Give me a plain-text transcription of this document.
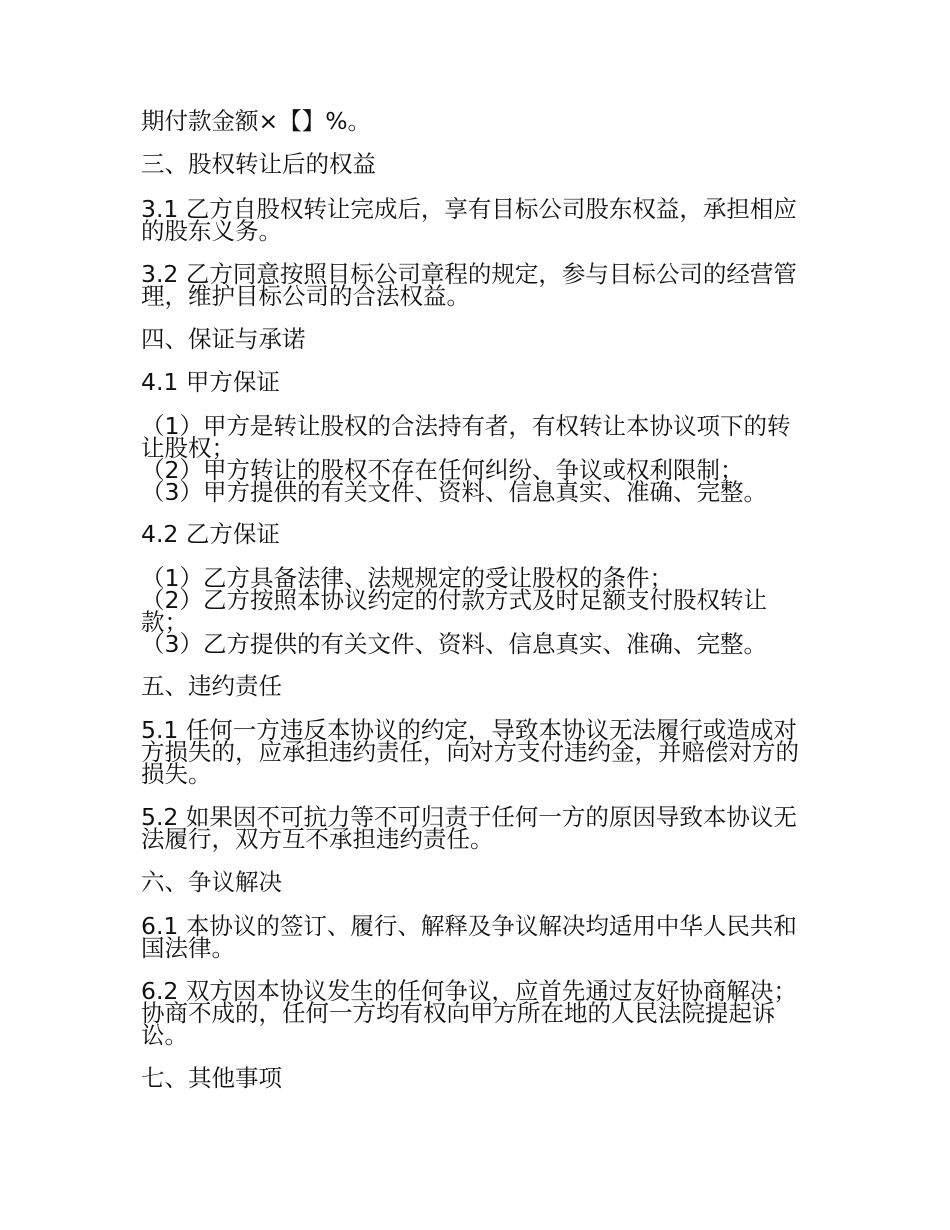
期付款金额×【】%。

三、股权转让后的权益

3.1 乙方自股权转让完成后，享有目标公司股东权益，承担相应的股东义务。

3.2 乙方同意按照目标公司章程的规定，参与目标公司的经营管理，维护目标公司的合法权益。

四、保证与承诺

4.1 甲方保证

（1）甲方是转让股权的合法持有者，有权转让本协议项下的转让股权；
（2）甲方转让的股权不存在任何纠纷、争议或权利限制；
（3）甲方提供的有关文件、资料、信息真实、准确、完整。

4.2 乙方保证

（1）乙方具备法律、法规规定的受让股权的条件；
（2）乙方按照本协议约定的付款方式及时足额支付股权转让款；
（3）乙方提供的有关文件、资料、信息真实、准确、完整。

五、违约责任

5.1 任何一方违反本协议的约定，导致本协议无法履行或造成对方损失的，应承担违约责任，向对方支付违约金，并赔偿对方的损失。

5.2 如果因不可抗力等不可归责于任何一方的原因导致本协议无法履行，双方互不承担违约责任。

六、争议解决

6.1 本协议的签订、履行、解释及争议解决均适用中华人民共和国法律。

6.2 双方因本协议发生的任何争议，应首先通过友好协商解决；协商不成的，任何一方均有权向甲方所在地的人民法院提起诉讼。

七、其他事项
